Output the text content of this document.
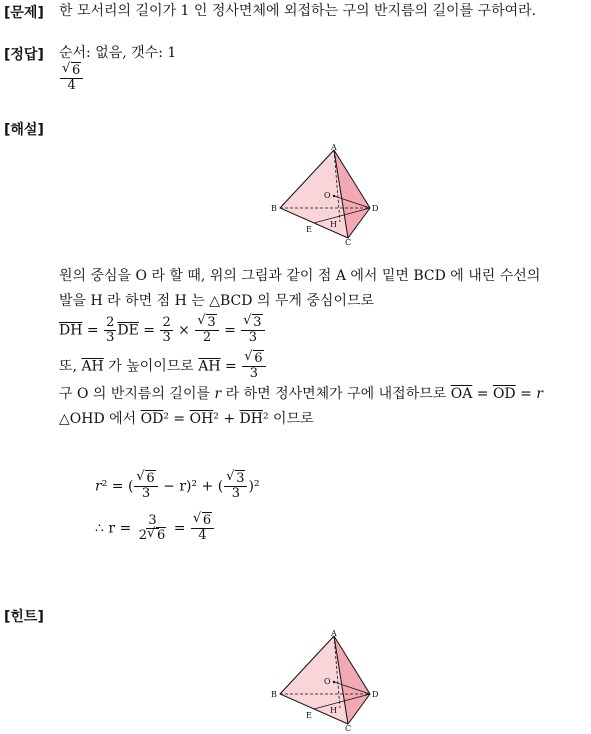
[문제] 한 모서리의 길이가 1 인 정사면체에 외접하는 구의 반지름의 길이를 구하여라.
[정답] 순서: 없음, 갯수: 1
√ $\frac{6}{4}$
[해설]
A
B
C
D
E
H
O
원의 중심을 O 라 할 때, 위의 그림과 같이 점 A 에서 밑면 BCD 에 내린 수선의
발을 H 라 하면 점 H 는 △BCD 의 무게 중심이므로
$\overline{DH} = \frac{2}{3} \overline{DE} = \frac{2}{3}$ × √ $\frac{3}{2}$ = √ $\frac{3}{3}$
또, $\overline{AH}$ 가 높이이므로 $\overline{AH}$ = √ $\frac{6}{3}$
구 O 의 반지름의 길이를 r 라 하면 정사면체가 구에 내접하므로 $\overline{OA} = \overline{OD} = r$
△OHD 에서 $\overline{OD}^2 = \overline{OH}^2 + \overline{DH}^2$ 이므로
r² = ( √ $\frac{6}{3} - r)^2$ + ( √ $\frac{3}{3} )^2$
∴ $r = \frac{3}{2 √ 6}$ = √ $\frac{6}{4}$
[힌트]
A
B
C
D
E
H
O
